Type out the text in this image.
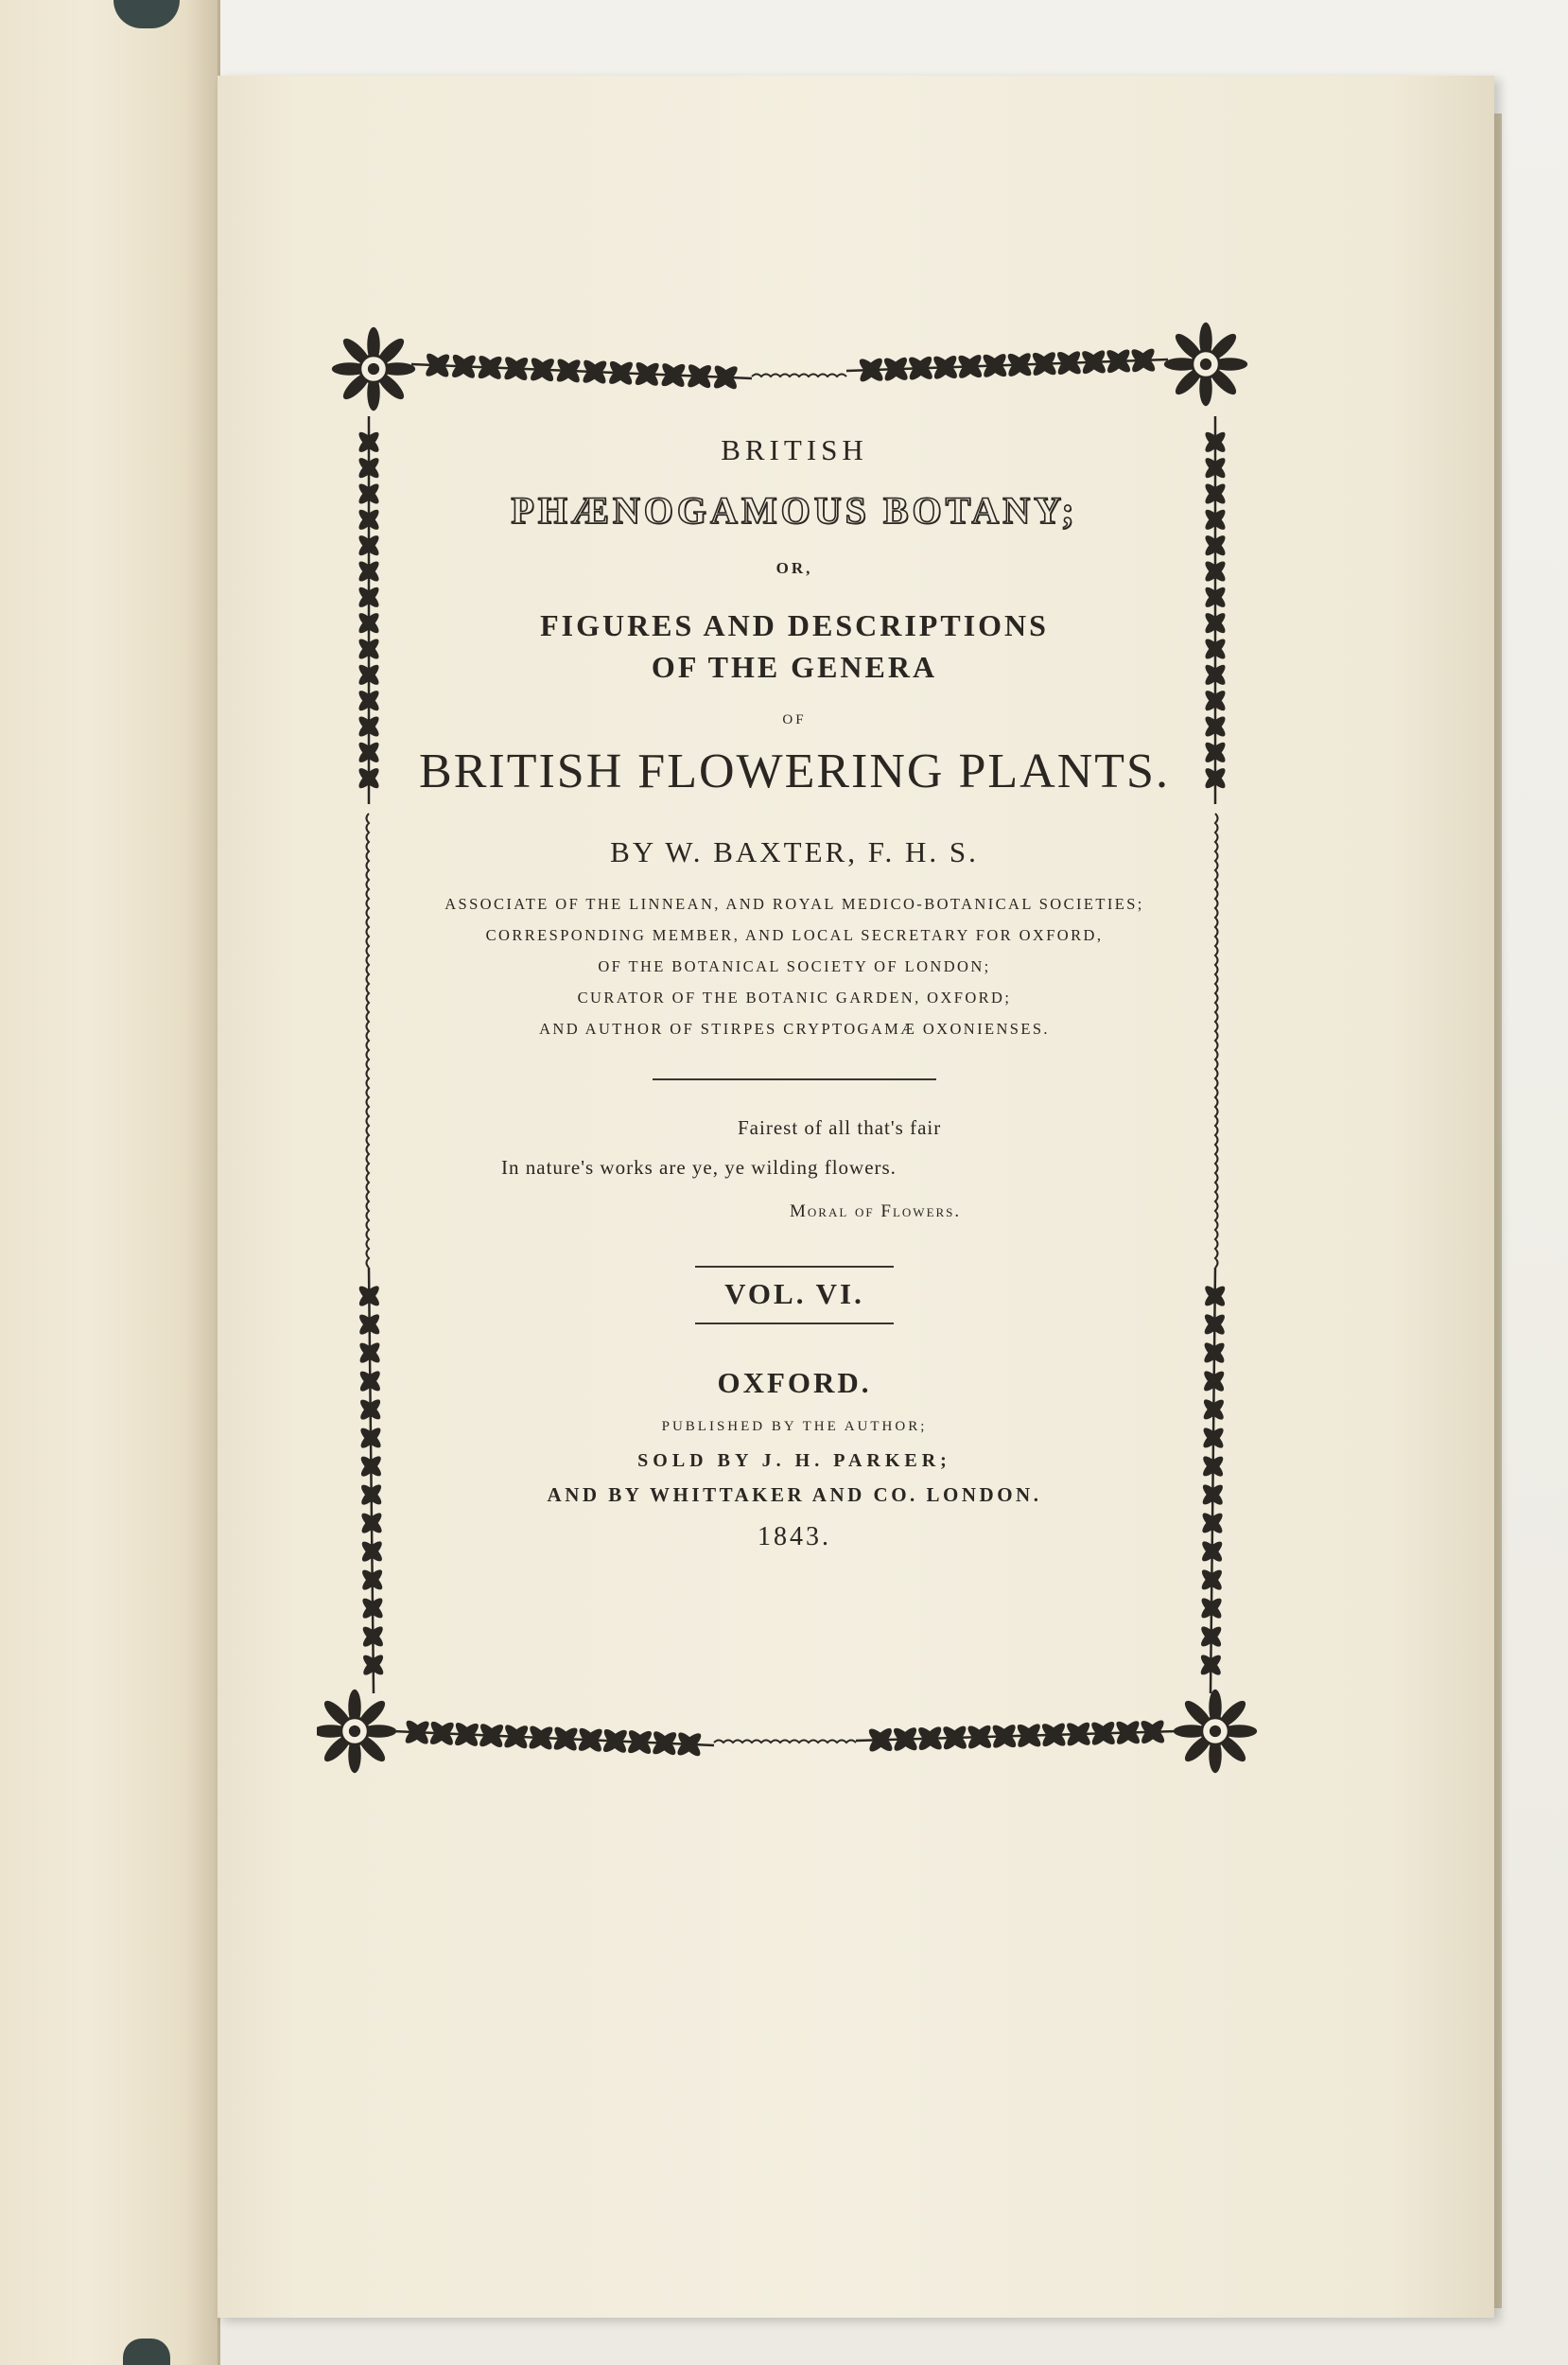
BRITISH
PHÆNOGAMOUS BOTANY;
OR,
FIGURES AND DESCRIPTIONS
OF THE GENERA
OF
BRITISH FLOWERING PLANTS.
BY W. BAXTER, F. H. S.
ASSOCIATE OF THE LINNEAN, AND ROYAL MEDICO-BOTANICAL SOCIETIES;
CORRESPONDING MEMBER, AND LOCAL SECRETARY FOR OXFORD,
OF THE BOTANICAL SOCIETY OF LONDON;
CURATOR OF THE BOTANIC GARDEN, OXFORD;
AND AUTHOR OF STIRPES CRYPTOGAMÆ OXONIENSES.
Fairest of all that's fair
In nature's works are ye, ye wilding flowers.
Moral of Flowers.
VOL. VI.
OXFORD.
PUBLISHED BY THE AUTHOR;
SOLD BY J. H. PARKER;
AND BY WHITTAKER AND CO. LONDON.
1843.
